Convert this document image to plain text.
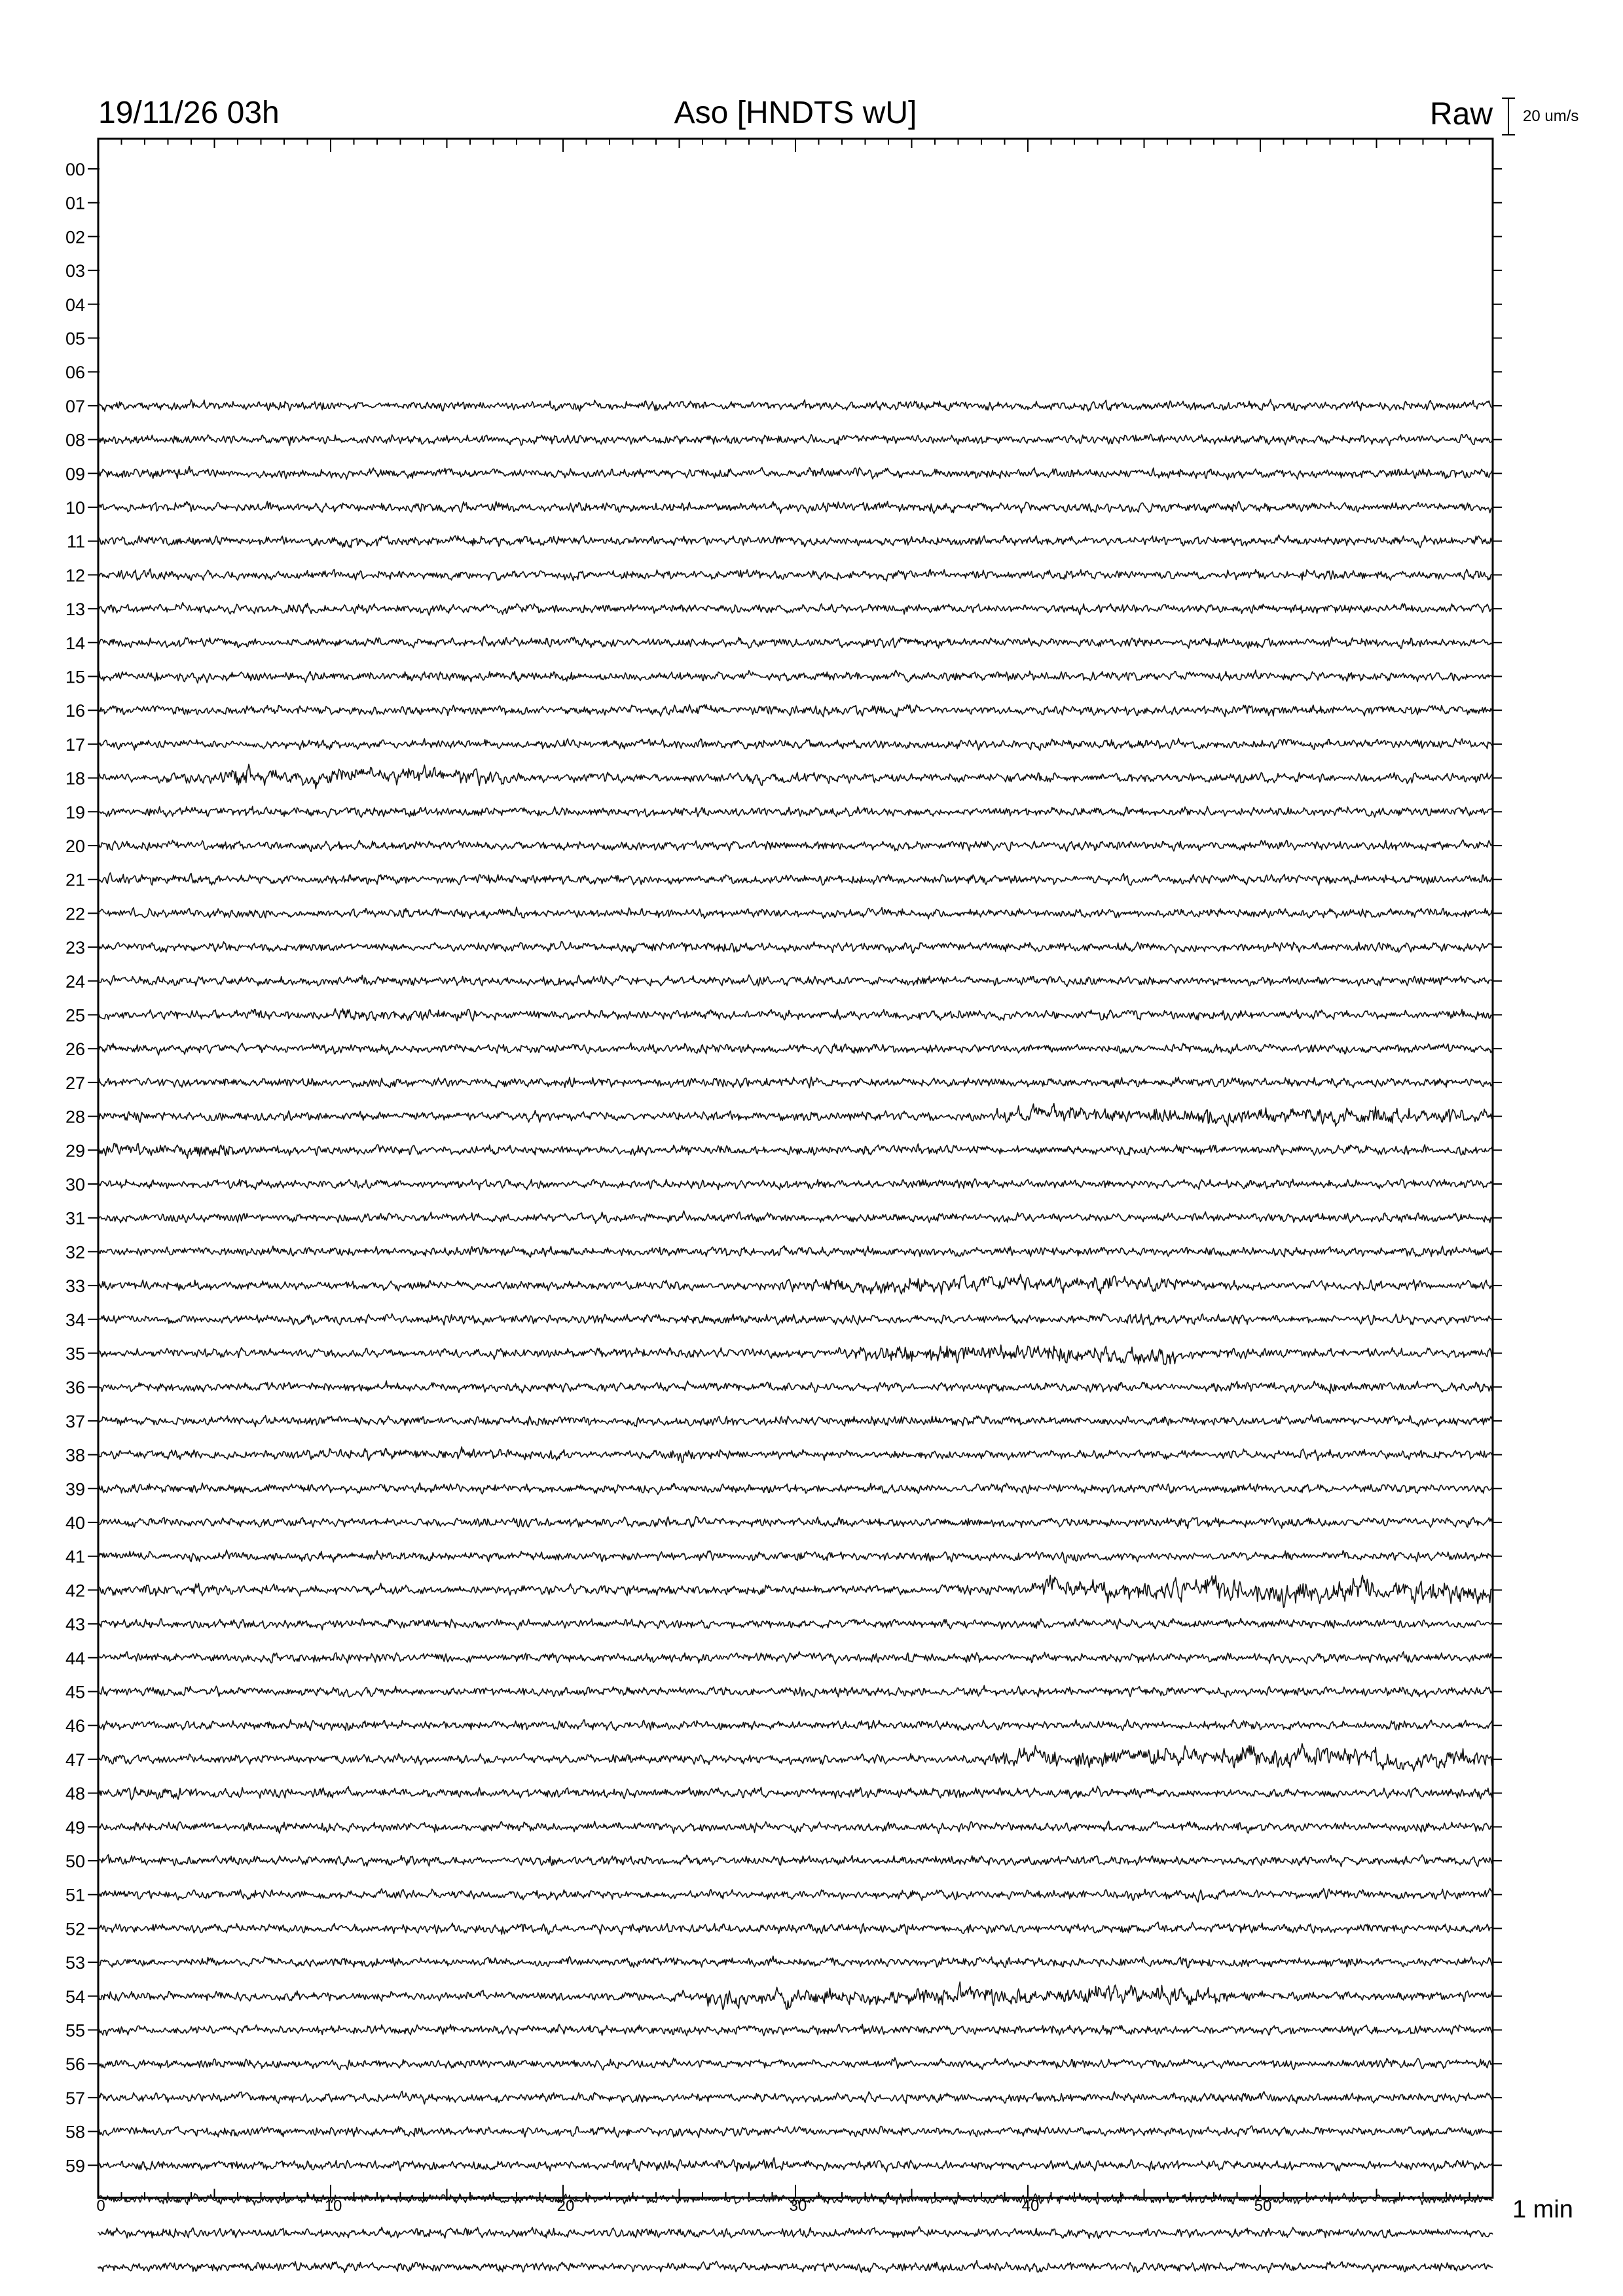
19/11/26 03h	Aso [HNDTS wU]	Raw 20 um/s
00
01
02
03
04
05
06
07
08
09
10
11
12
13
14
15
16
17
18
19
20
21
22
23
24
25
26
27
28
29
30
31
32
33
34
35
36
37
38
39
40
41
42
43
44
45
46
47
48
49
50
51
52
53
54
55
56
57
58
59
0	10	20	30	40	50	1 min
